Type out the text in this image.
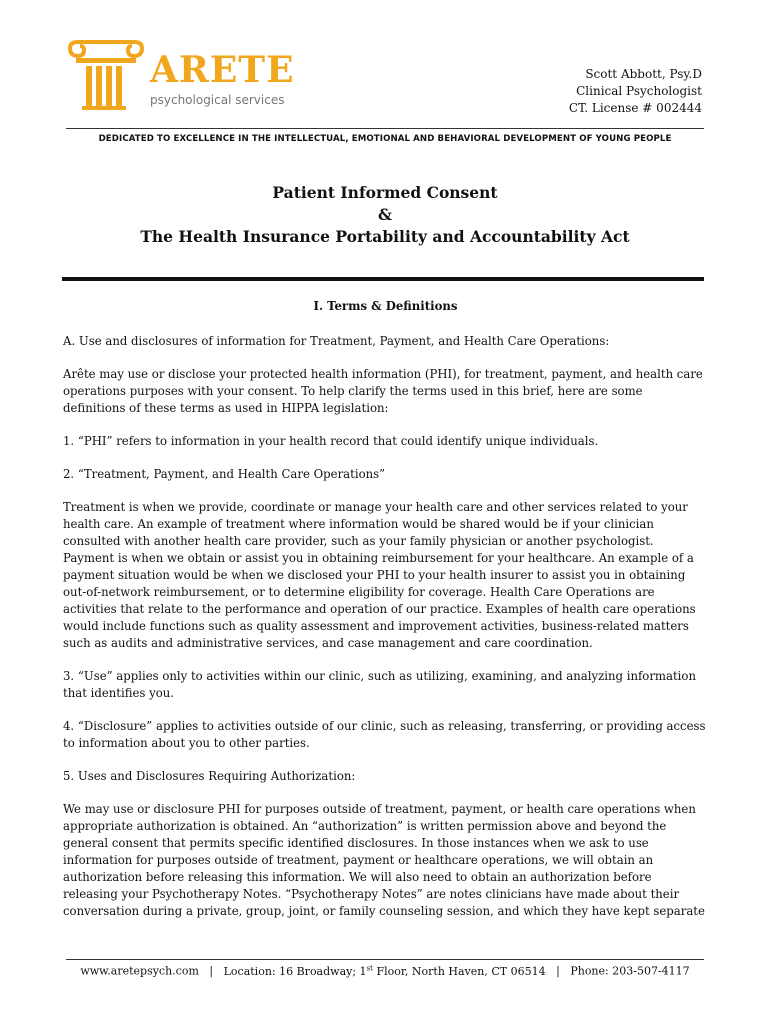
ARETE
psychological services
Scott Abbott, Psy.D
Clinical Psychologist
CT. License # 002444
DEDICATED TO EXCELLENCE IN THE INTELLECTUAL, EMOTIONAL AND BEHAVIORAL DEVELOPMENT OF YOUNG PEOPLE
Patient Informed Consent
&
The Health Insurance Portability and Accountability Act

I. Terms & Definitions

A. Use and disclosures of information for Treatment, Payment, and Health Care Operations:

Arête may use or disclose your protected health information (PHI), for treatment, payment, and health care operations purposes with your consent. To help clarify the terms used in this brief, here are some definitions of these terms as used in HIPPA legislation:

1. “PHI” refers to information in your health record that could identify unique individuals.

2. “Treatment, Payment, and Health Care Operations”

Treatment is when we provide, coordinate or manage your health care and other services related to your health care. An example of treatment where information would be shared would be if your clinician consulted with another health care provider, such as your family physician or another psychologist. Payment is when we obtain or assist you in obtaining reimbursement for your healthcare. An example of a payment situation would be when we disclosed your PHI to your health insurer to assist you in obtaining out-of-network reimbursement, or to determine eligibility for coverage. Health Care Operations are activities that relate to the performance and operation of our practice. Examples of health care operations would include functions such as quality assessment and improvement activities, business-related matters such as audits and administrative services, and case management and care coordination.

3. “Use” applies only to activities within our clinic, such as utilizing, examining, and analyzing information that identifies you.

4. “Disclosure” applies to activities outside of our clinic, such as releasing, transferring, or providing access to information about you to other parties.

5. Uses and Disclosures Requiring Authorization:

We may use or disclosure PHI for purposes outside of treatment, payment, or health care operations when appropriate authorization is obtained. An “authorization” is written permission above and beyond the general consent that permits specific identified disclosures. In those instances when we ask to use information for purposes outside of treatment, payment or healthcare operations, we will obtain an authorization before releasing this information. We will also need to obtain an authorization before releasing your Psychotherapy Notes. “Psychotherapy Notes” are notes clinicians have made about their conversation during a private, group, joint, or family counseling session, and which they have kept separate

www.aretepsych.com | Location: 16 Broadway; 1st Floor, North Haven, CT 06514 | Phone: 203-507-4117
